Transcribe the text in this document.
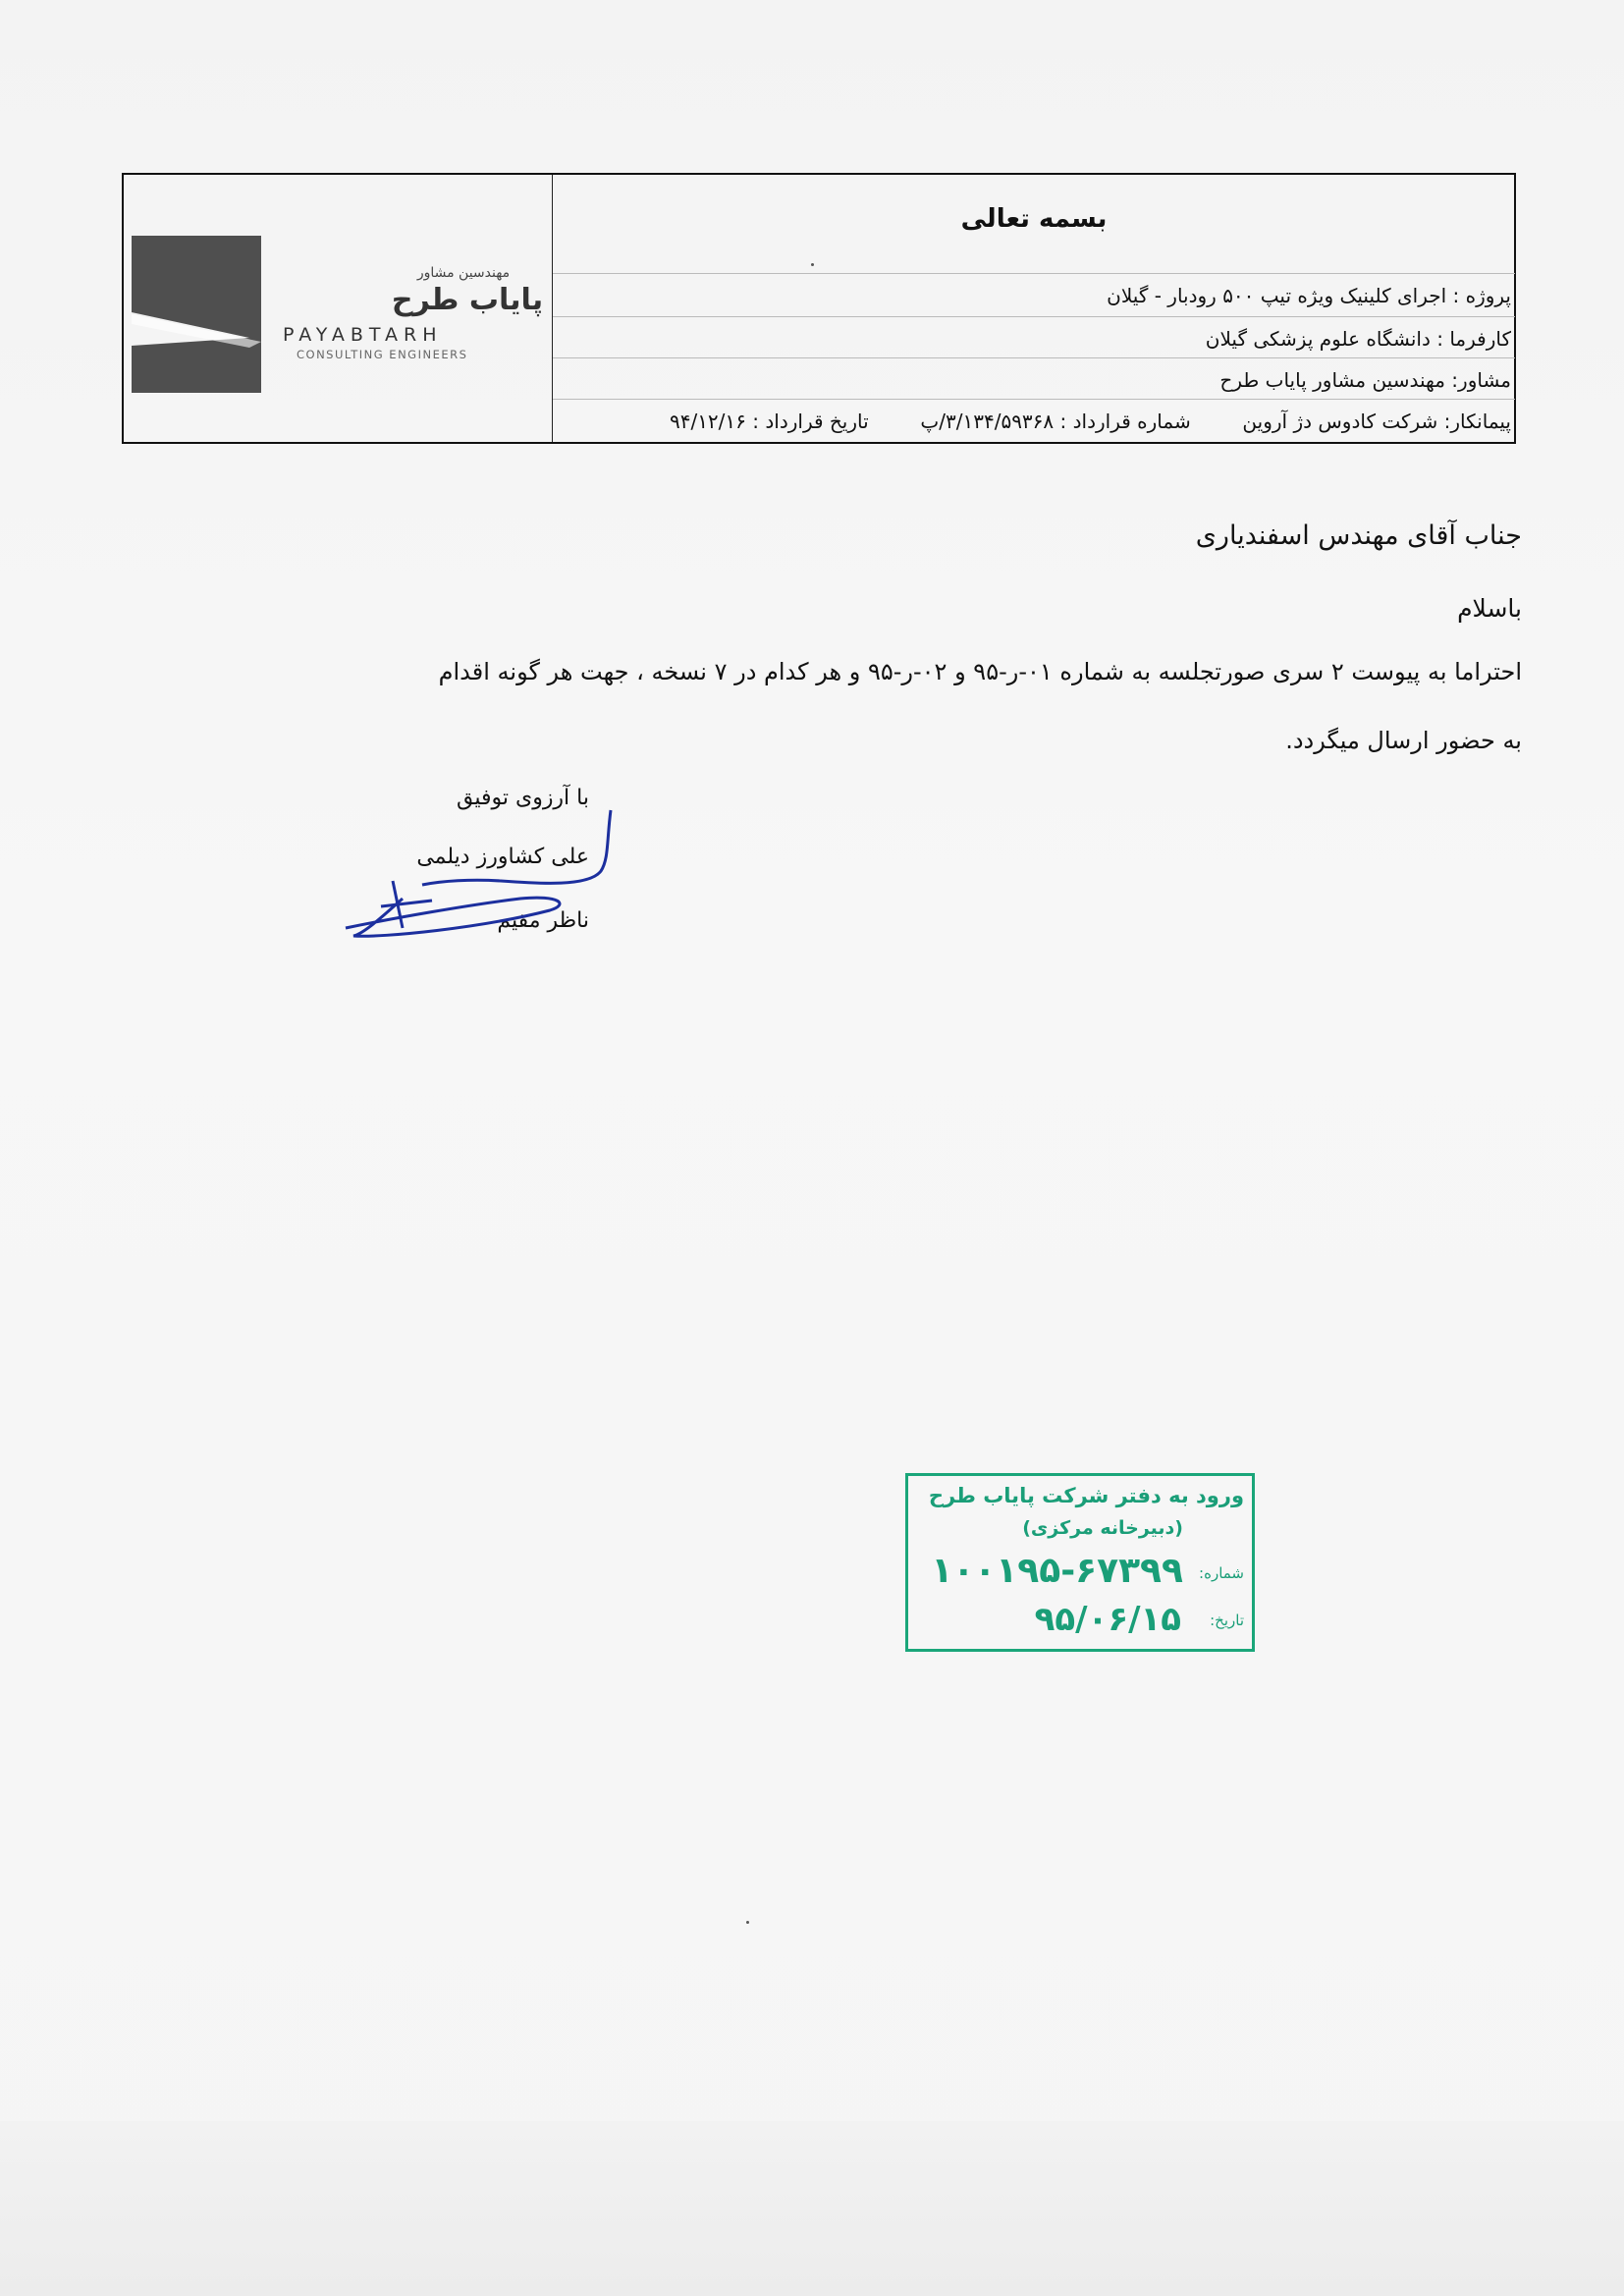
مهندسین مشاور
پایاب طرح
PAYABTARH
CONSULTING ENGINEERS
بسمه تعالی
پروژه : اجرای کلینیک ویژه تیپ ۵۰۰ رودبار - گیلان
کارفرما : دانشگاه علوم پزشکی گیلان
مشاور: مهندسین مشاور پایاب طرح
پیمانکار: شرکت کادوس دژ آروین  شماره قرارداد : ۳/۱۳۴/۵۹۳۶۸/پ  تاریخ قرارداد : ۹۴/۱۲/۱۶
جناب آقای مهندس اسفندیاری
باسلام
احتراما به پیوست ۲ سری صورتجلسه به شماره ۰۱-ر-۹۵ و ۰۲-ر-۹۵ و هر کدام در ۷ نسخه ، جهت هر گونه اقدام
به حضور ارسال میگردد.
با آرزوی توفیق
علی کشاورز دیلمی
ناظر مقیم
ورود به دفتر شرکت پایاب طرح
(دبیرخانه مرکزی)
شماره:
۱۰۰۱۹۵-۶۷۳۹۹
تاریخ:
۹۵/۰۶/۱۵
